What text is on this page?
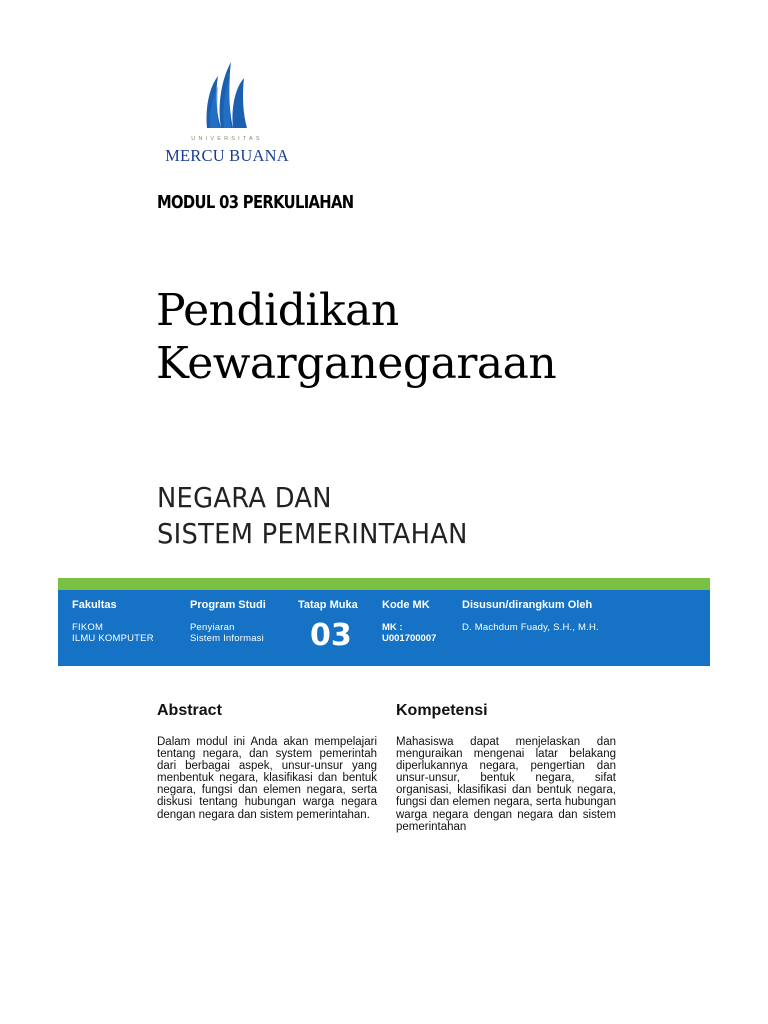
UNIVERSITAS
MERCU BUANA
MODUL 03 PERKULIAHAN
Pendidikan
Kewarganegaraan
NEGARA DAN
SISTEM PEMERINTAHAN
Fakultas
FIKOM
ILMU KOMPUTER
Program Studi
Penyiaran
Sistem Informasi
Tatap Muka
03
Kode MK
MK :
U001700007
Disusun/dirangkum Oleh
D. Machdum Fuady, S.H., M.H.
Abstract
Dalam modul ini Anda akan mempelajari tentang negara, dan system pemerintah dari berbagai aspek, unsur-unsur yang menbentuk negara, klasifikasi dan bentuk negara, fungsi dan elemen negara, serta diskusi tentang hubungan warga negara dengan negara dan sistem pemerintahan.
Kompetensi
Mahasiswa dapat menjelaskan dan menguraikan mengenai latar belakang diperlukannya negara, pengertian dan unsur-unsur, bentuk negara, sifat organisasi, klasifikasi dan bentuk negara, fungsi dan elemen negara, serta hubungan warga negara dengan negara dan sistem pemerintahan
